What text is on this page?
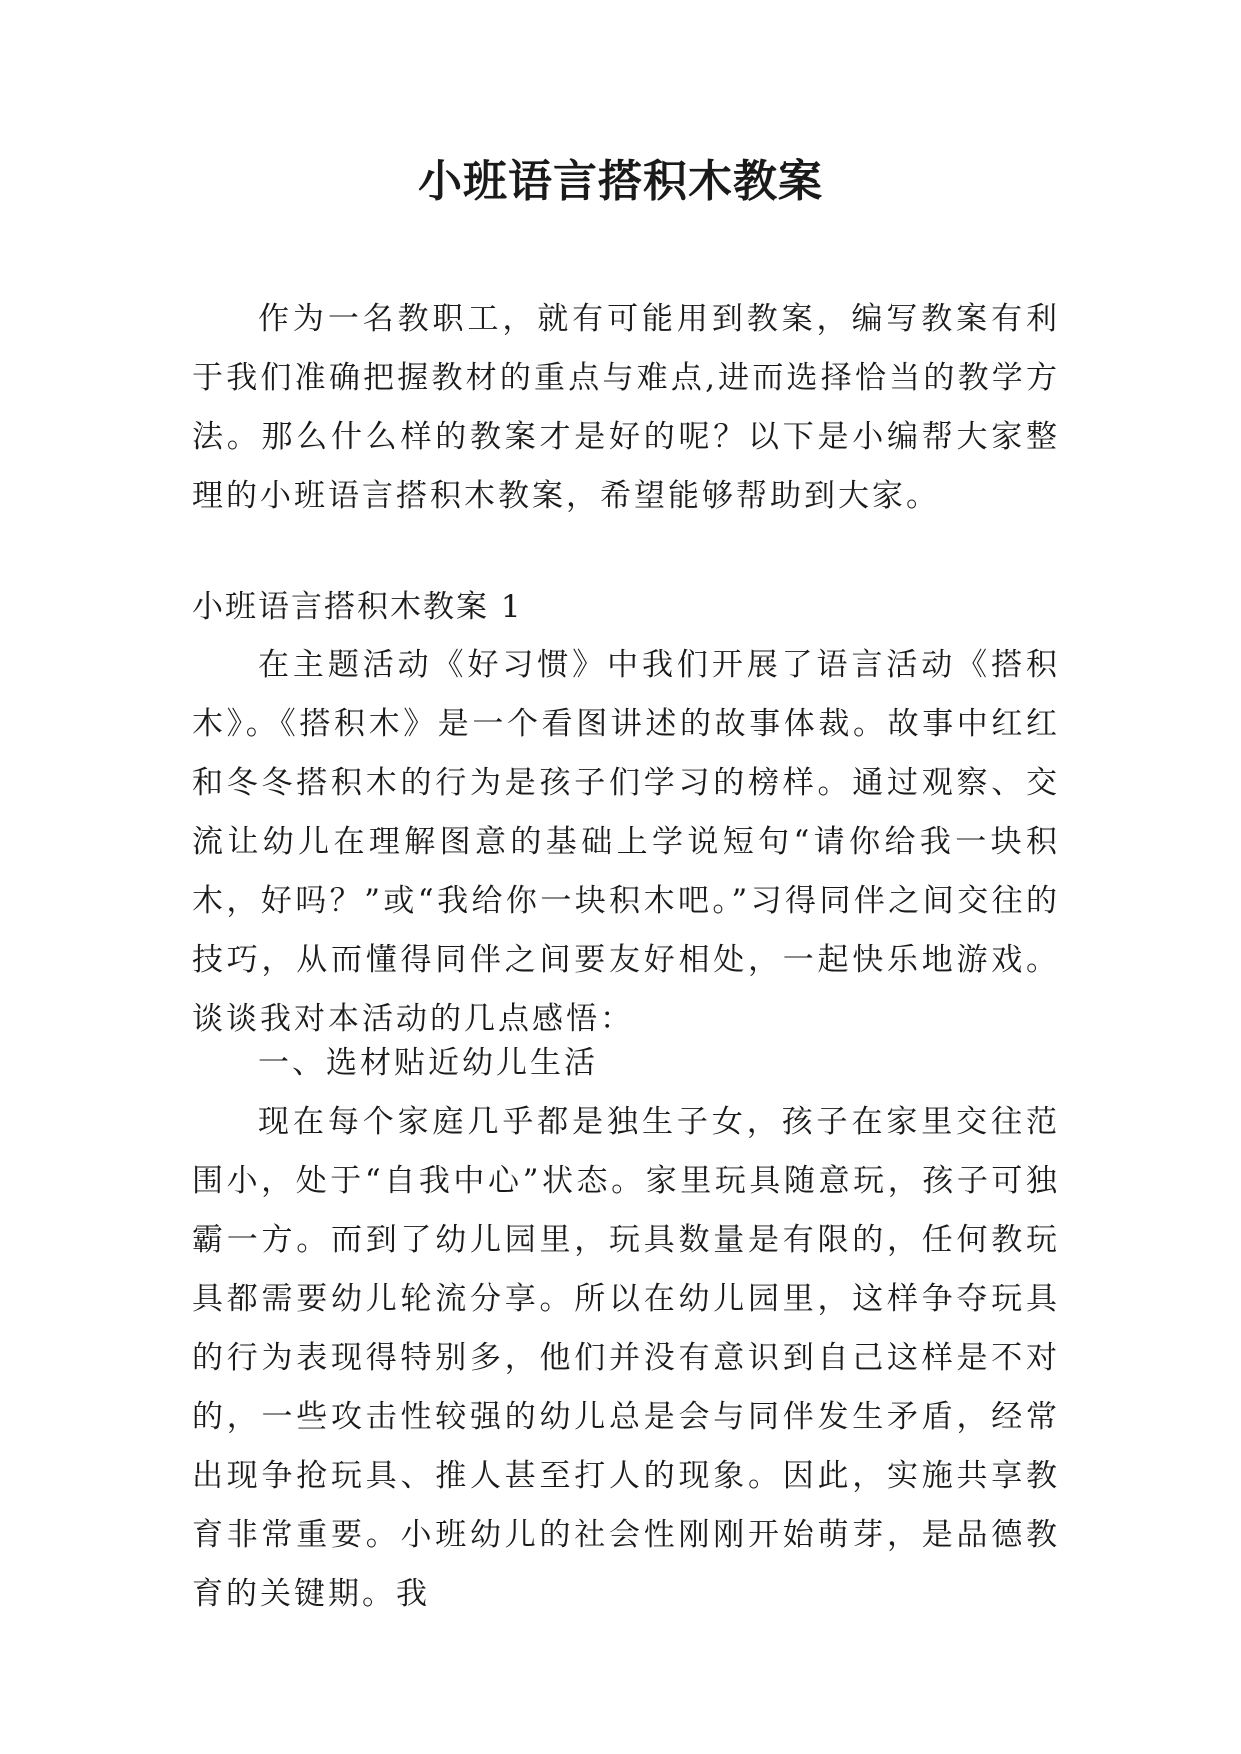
小班语言搭积木教案

作为一名教职工，就有可能用到教案，编写教案有利于我们准确把握教材的重点与难点,进而选择恰当的教学方法。那么什么样的教案才是好的呢？以下是小编帮大家整理的小班语言搭积木教案，希望能够帮助到大家。

小班语言搭积木教案 1

在主题活动《好习惯》中我们开展了语言活动《搭积木》。《搭积木》是一个看图讲述的故事体裁。故事中红红和冬冬搭积木的行为是孩子们学习的榜样。通过观察、交流让幼儿在理解图意的基础上学说短句“请你给我一块积木，好吗？”或“我给你一块积木吧。”习得同伴之间交往的技巧，从而懂得同伴之间要友好相处，一起快乐地游戏。谈谈我对本活动的几点感悟：

一、选材贴近幼儿生活

现在每个家庭几乎都是独生子女，孩子在家里交往范围小，处于“自我中心”状态。家里玩具随意玩，孩子可独霸一方。而到了幼儿园里，玩具数量是有限的，任何教玩具都需要幼儿轮流分享。所以在幼儿园里，这样争夺玩具的行为表现得特别多，他们并没有意识到自己这样是不对的，一些攻击性较强的幼儿总是会与同伴发生矛盾，经常出现争抢玩具、推人甚至打人的现象。因此，实施共享教育非常重要。小班幼儿的社会性刚刚开始萌芽，是品德教育的关键期。我
